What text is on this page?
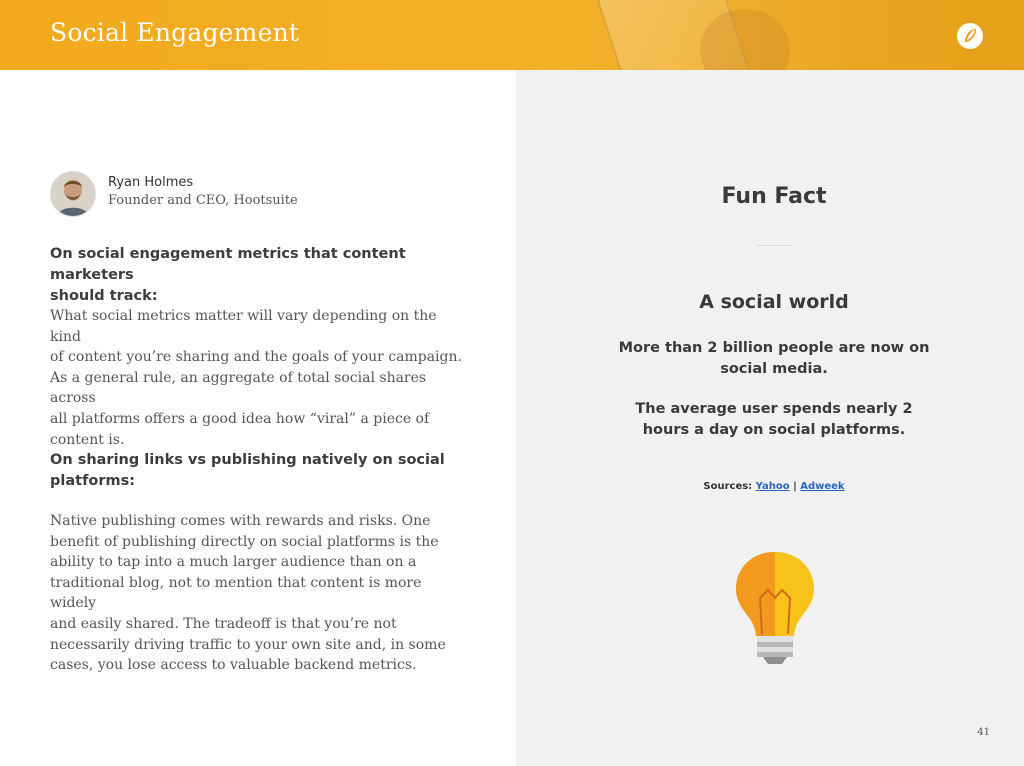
Social Engagement
Ryan Holmes
Founder and CEO, Hootsuite
On social engagement metrics that content marketers
should track:
What social metrics matter will vary depending on the kind
of content you’re sharing and the goals of your campaign.
As a general rule, an aggregate of total social shares across
all platforms offers a good idea how “viral” a piece of
content is.
On sharing links vs publishing natively on social
platforms:
Native publishing comes with rewards and risks. One
benefit of publishing directly on social platforms is the
ability to tap into a much larger audience than on a
traditional blog, not to mention that content is more widely
and easily shared. The tradeoff is that you’re not
necessarily driving traffic to your own site and, in some
cases, you lose access to valuable backend metrics.
Fun Fact
A social world
More than 2 billion people are now on
social media.
The average user spends nearly 2
hours a day on social platforms.
Sources: Yahoo | Adweek
41
